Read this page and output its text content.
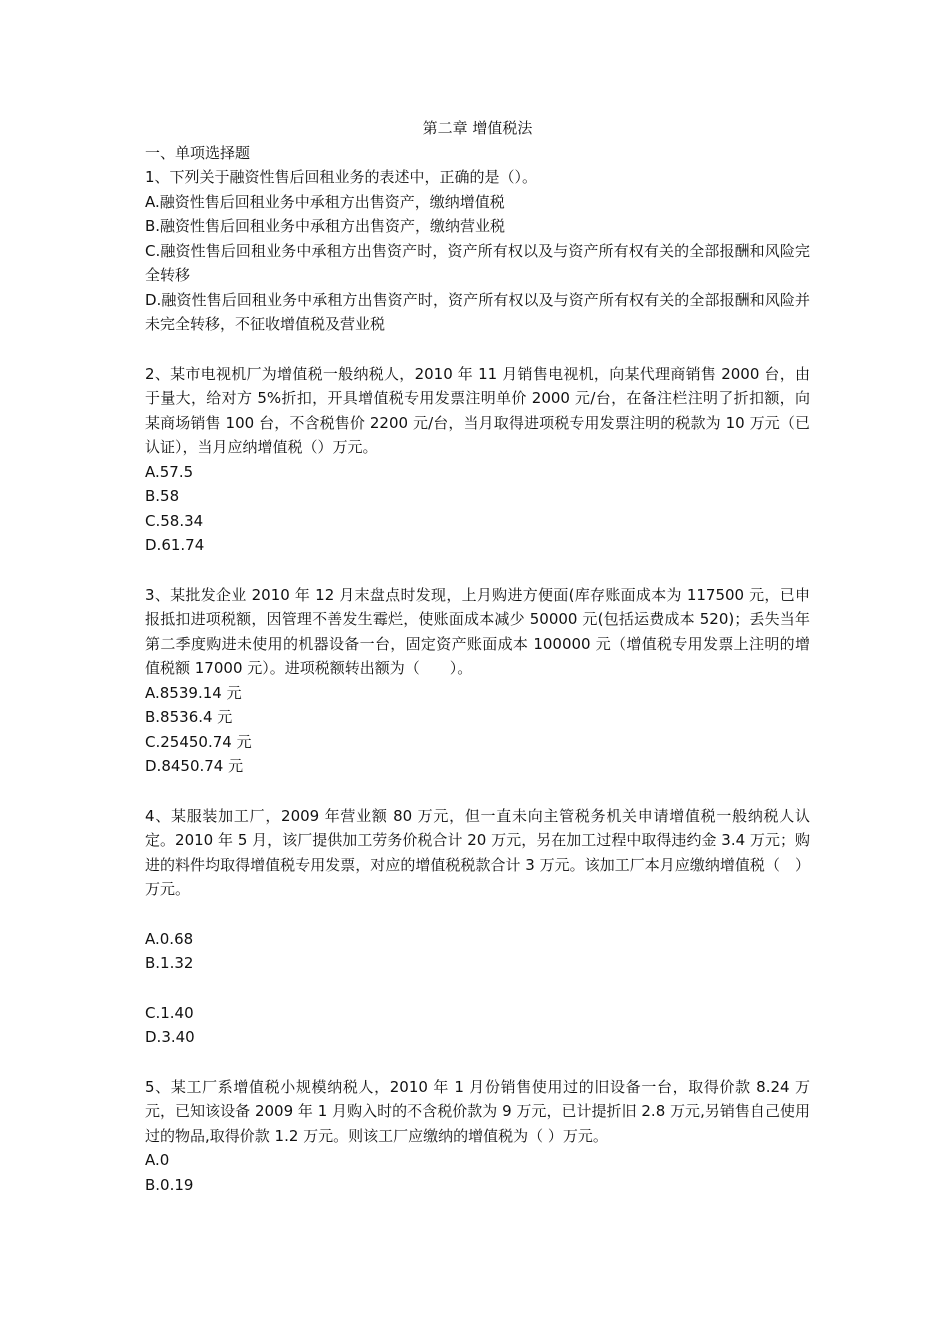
第二章 增值税法

一、单项选择题

1、下列关于融资性售后回租业务的表述中，正确的是（）。

A.融资性售后回租业务中承租方出售资产，缴纳增值税

B.融资性售后回租业务中承租方出售资产，缴纳营业税

C.融资性售后回租业务中承租方出售资产时，资产所有权以及与资产所有权有关的全部报酬和风险完全转移

D.融资性售后回租业务中承租方出售资产时，资产所有权以及与资产所有权有关的全部报酬和风险并未完全转移，不征收增值税及营业税

2、某市电视机厂为增值税一般纳税人，2010 年 11 月销售电视机，向某代理商销售 2000 台，由于量大，给对方 5%折扣，开具增值税专用发票注明单价 2000 元/台，在备注栏注明了折扣额，向某商场销售 100 台，不含税售价 2200 元/台，当月取得进项税专用发票注明的税款为 10 万元（已认证），当月应纳增值税（）万元。

A.57.5

B.58

C.58.34

D.61.74

3、某批发企业 2010 年 12 月末盘点时发现，上月购进方便面(库存账面成本为 117500 元，已申报抵扣进项税额，因管理不善发生霉烂，使账面成本减少 50000 元(包括运费成本 520)；丢失当年第二季度购进未使用的机器设备一台，固定资产账面成本 100000 元（增值税专用发票上注明的增值税额 17000 元）。进项税额转出额为（　　）。

A.8539.14 元

B.8536.4 元

C.25450.74 元

D.8450.74 元

4、某服装加工厂，2009 年营业额 80 万元，但一直未向主管税务机关申请增值税一般纳税人认定。2010 年 5 月，该厂提供加工劳务价税合计 20 万元，另在加工过程中取得违约金 3.4 万元；购进的料件均取得增值税专用发票，对应的增值税税款合计 3 万元。该加工厂本月应缴纳增值税（　）万元。

A.0.68

B.1.32

C.1.40

D.3.40

5、某工厂系增值税小规模纳税人，2010 年 1 月份销售使用过的旧设备一台，取得价款 8.24 万元，已知该设备 2009 年 1 月购入时的不含税价款为 9 万元，已计提折旧 2.8 万元,另销售自己使用过的物品,取得价款 1.2 万元。则该工厂应缴纳的增值税为（ ）万元。

A.0

B.0.19
